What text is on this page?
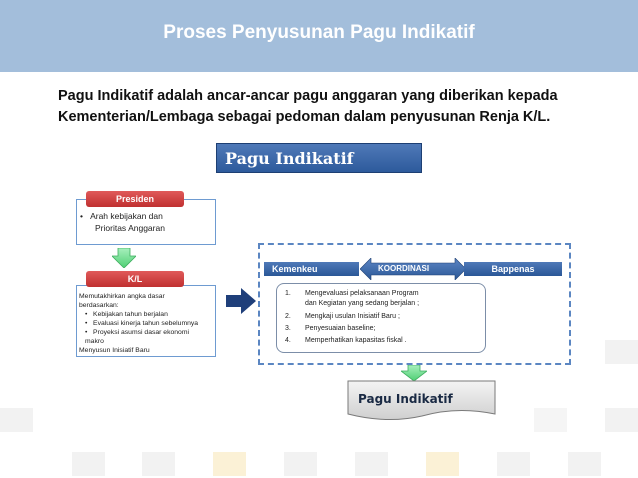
Proses Penyusunan Pagu Indikatif
Pagu Indikatif adalah ancar-ancar pagu anggaran yang diberikan kepada
Kementerian/Lembaga sebagai pedoman dalam penyusunan Renja K/L.
Pagu Indikatif
Presiden
•   Arah kebijakan dan
Prioritas Anggaran
K/L
Memutakhirkan angka dasar
berdasarkan:
•   Kebijakan tahun berjalan
•   Evaluasi kinerja tahun sebelumnya
•   Proyeksi asumsi dasar ekonomi
makro
Menyusun Inisiatif Baru
Kemenkeu	KOORDINASI	Bappenas
1. Mengevaluasi pelaksanaan Program
dan Kegiatan yang sedang berjalan ;
2. Mengkaji usulan Inisiatif Baru ;
3. Penyesuaian baseline;
4. Memperhatikan kapasitas fiskal .
Pagu Indikatif
